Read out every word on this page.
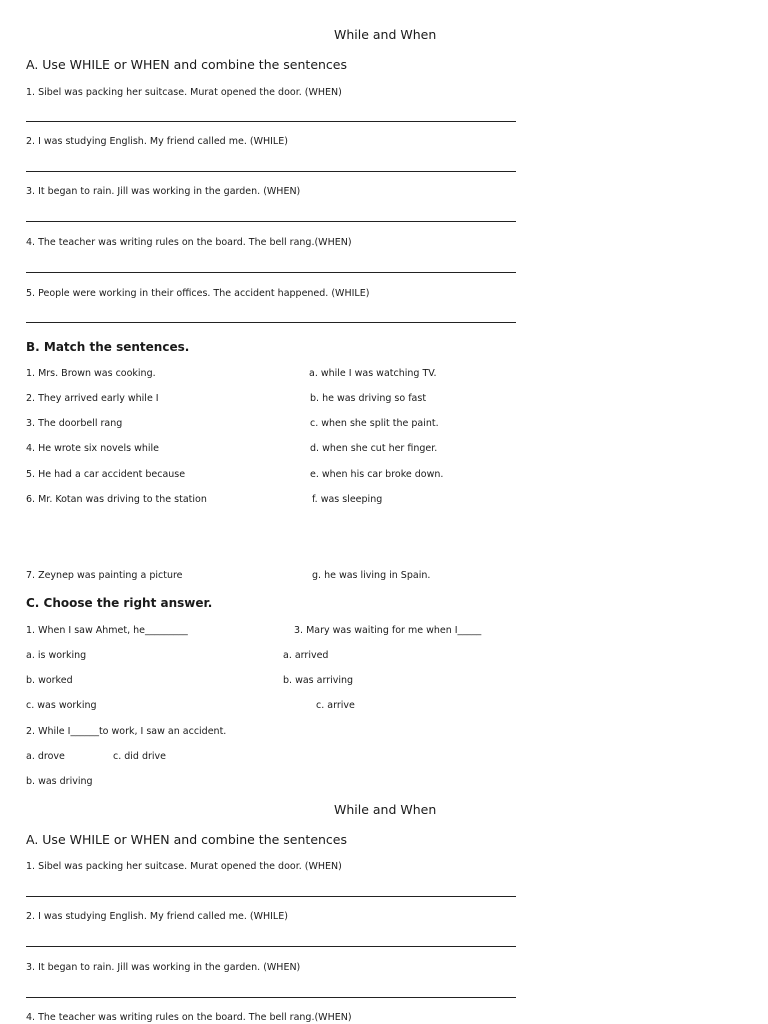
While and When
A. Use WHILE or WHEN and combine the sentences
1. Sibel was packing her suitcase. Murat opened the door. (WHEN)
2. I was studying English. My friend called me. (WHILE)
3. It began to rain. Jill was working in the garden. (WHEN)
4. The teacher was writing rules on the board. The bell rang.(WHEN)
5. People were working in their offices. The accident happened. (WHILE)
B. Match the sentences.
1. Mrs. Brown was cooking.	a. while I was watching TV.
2. They arrived early while I	b. he was driving so fast
3. The doorbell rang	c. when she split the paint.
4. He wrote six novels while	d. when she cut her finger.
5. He had a car accident because	e. when his car broke down.
6. Mr. Kotan was driving to the station	f. was sleeping
7. Zeynep was painting a picture	g. he was living in Spain.
C. Choose the right answer.
1. When I saw Ahmet, he_________	3. Mary was waiting for me when I_____
a. is working	a. arrived
b. worked	b. was arriving
c. was working	c. arrive
2. While I______to work, I saw an accident.
a. drove	c. did drive
b. was driving
While and When
A. Use WHILE or WHEN and combine the sentences
1. Sibel was packing her suitcase. Murat opened the door. (WHEN)
2. I was studying English. My friend called me. (WHILE)
3. It began to rain. Jill was working in the garden. (WHEN)
4. The teacher was writing rules on the board. The bell rang.(WHEN)
